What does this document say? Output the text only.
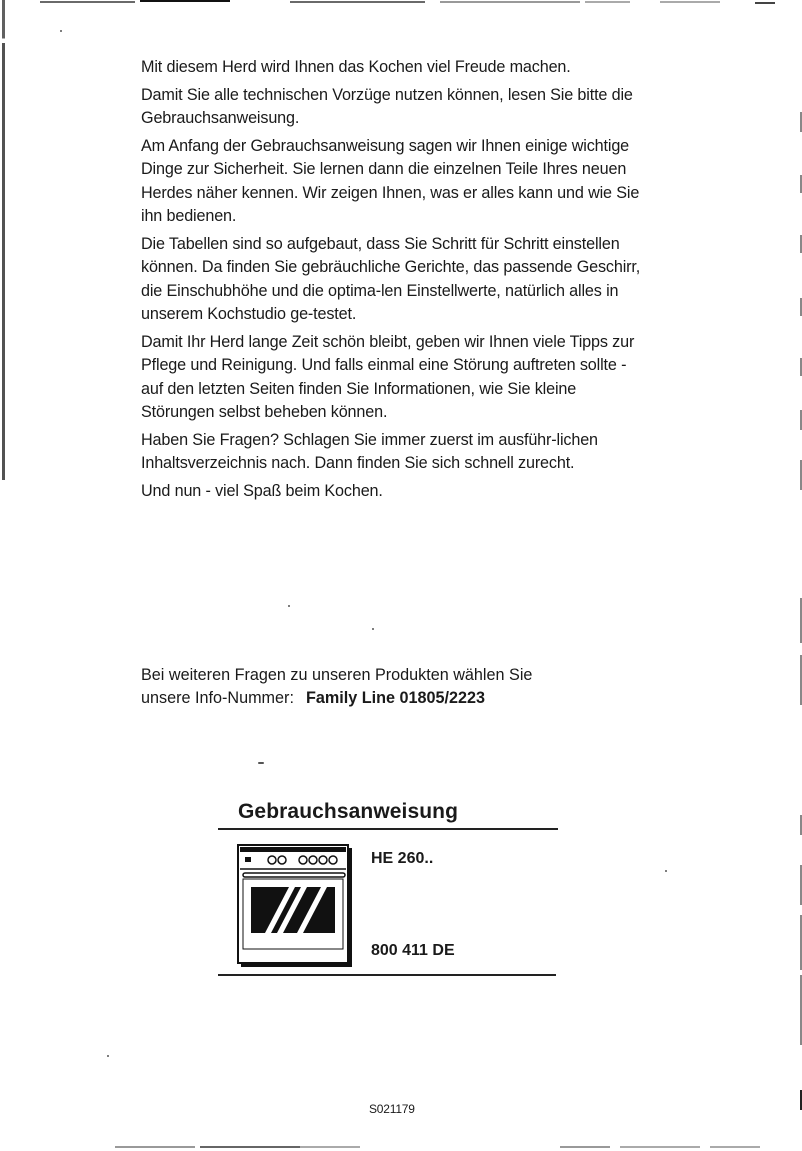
Mit diesem Herd wird Ihnen das Kochen viel Freude machen.

Damit Sie alle technischen Vorzüge nutzen können, lesen Sie bitte die Gebrauchsanweisung.

Am Anfang der Gebrauchsanweisung sagen wir Ihnen einige wichtige Dinge zur Sicherheit. Sie lernen dann die einzelnen Teile Ihres neuen Herdes näher kennen. Wir zeigen Ihnen, was er alles kann und wie Sie ihn bedienen.

Die Tabellen sind so aufgebaut, dass Sie Schritt für Schritt einstellen können. Da finden Sie gebräuchliche Gerichte, das passende Geschirr, die Einschubhöhe und die optima-len Einstellwerte, natürlich alles in unserem Kochstudio ge-testet.

Damit Ihr Herd lange Zeit schön bleibt, geben wir Ihnen viele Tipps zur Pflege und Reinigung. Und falls einmal eine Störung auftreten sollte - auf den letzten Seiten finden Sie Informationen, wie Sie kleine Störungen selbst beheben können.

Haben Sie Fragen? Schlagen Sie immer zuerst im ausführ-lichen Inhaltsverzeichnis nach. Dann finden Sie sich schnell zurecht.

Und nun - viel Spaß beim Kochen.

Bei weiteren Fragen zu unseren Produkten wählen Sie
unsere Info-Nummer: Family Line 01805/2223
Gebrauchsanweisung
HE 260..
800 411 DE
S021179
